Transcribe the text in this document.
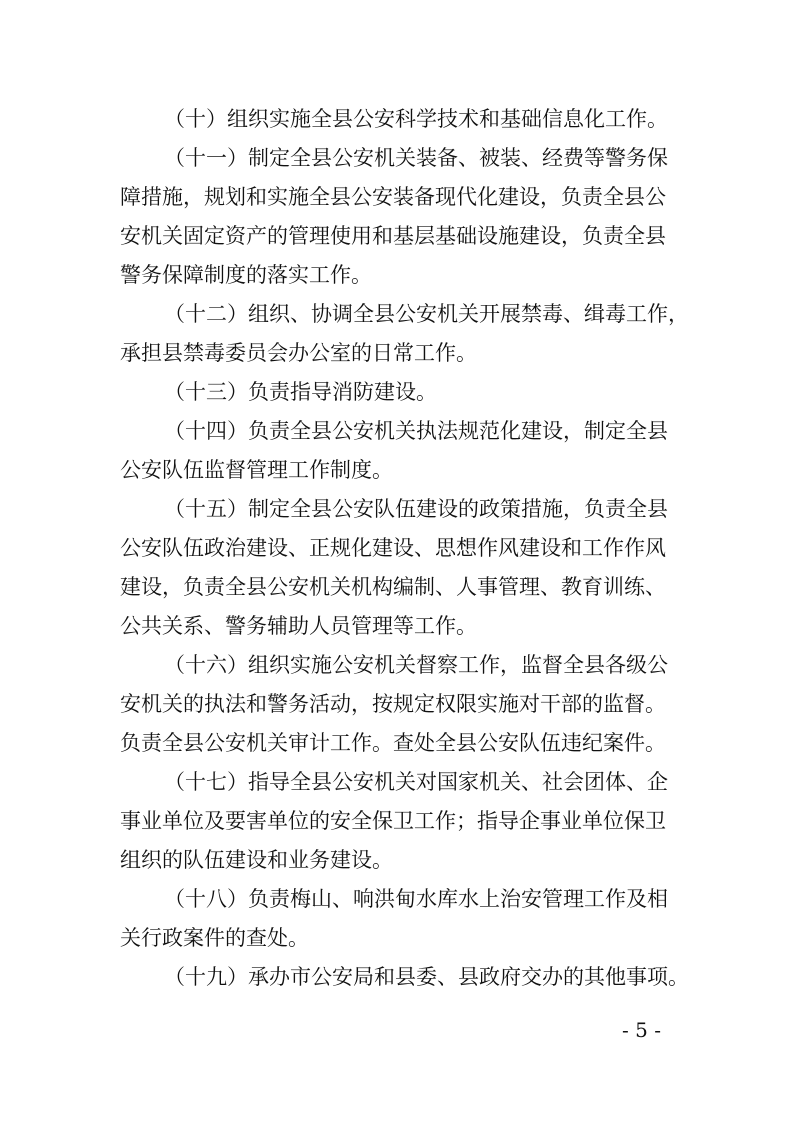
（十）组织实施全县公安科学技术和基础信息化工作。
（十一）制定全县公安机关装备、被装、经费等警务保
障措施，规划和实施全县公安装备现代化建设，负责全县公
安机关固定资产的管理使用和基层基础设施建设，负责全县
警务保障制度的落实工作。
（十二）组织、协调全县公安机关开展禁毒、缉毒工作，
承担县禁毒委员会办公室的日常工作。
（十三）负责指导消防建设。
（十四）负责全县公安机关执法规范化建设，制定全县
公安队伍监督管理工作制度。
（十五）制定全县公安队伍建设的政策措施，负责全县
公安队伍政治建设、正规化建设、思想作风建设和工作作风
建设，负责全县公安机关机构编制、人事管理、教育训练、
公共关系、警务辅助人员管理等工作。
（十六）组织实施公安机关督察工作，监督全县各级公
安机关的执法和警务活动，按规定权限实施对干部的监督。
负责全县公安机关审计工作。查处全县公安队伍违纪案件。
（十七）指导全县公安机关对国家机关、社会团体、企
事业单位及要害单位的安全保卫工作；指导企事业单位保卫
组织的队伍建设和业务建设。
（十八）负责梅山、响洪甸水库水上治安管理工作及相
关行政案件的查处。
（十九）承办市公安局和县委、县政府交办的其他事项。
- 5 -
